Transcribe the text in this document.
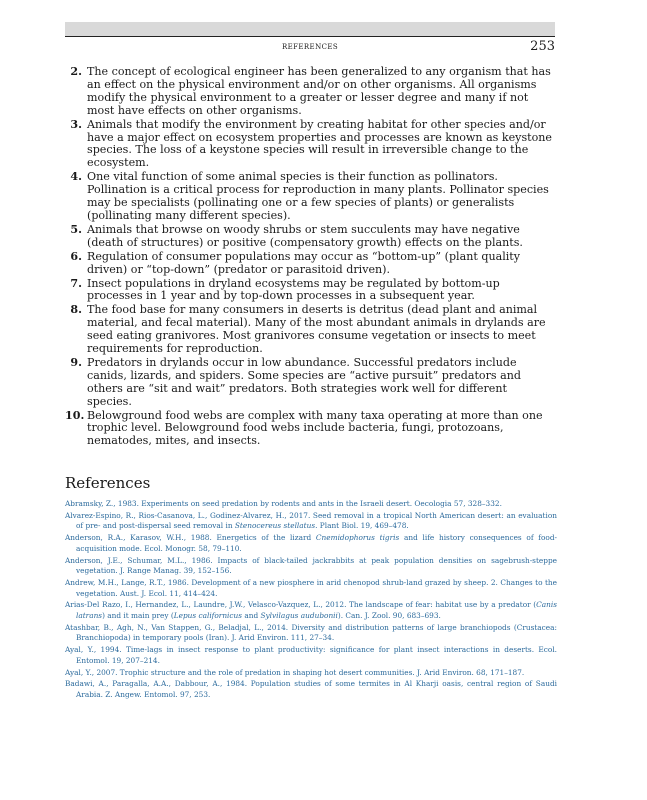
REFERENCES	253
2. The concept of ecological engineer has been generalized to any organism that has an effect on the physical environment and/or on other organisms. All organisms modify the physical environment to a greater or lesser degree and many if not most have effects on other organisms.
3. Animals that modify the environment by creating habitat for other species and/or have a major effect on ecosystem properties and processes are known as keystone species. The loss of a keystone species will result in irreversible change to the ecosystem.
4. One vital function of some animal species is their function as pollinators. Pollination is a critical process for reproduction in many plants. Pollinator species may be specialists (pollinating one or a few species of plants) or generalists (pollinating many different species).
5. Animals that browse on woody shrubs or stem succulents may have negative (death of structures) or positive (compensatory growth) effects on the plants.
6. Regulation of consumer populations may occur as “bottom-up” (plant quality driven) or “top-down” (predator or parasitoid driven).
7. Insect populations in dryland ecosystems may be regulated by bottom-up processes in 1 year and by top-down processes in a subsequent year.
8. The food base for many consumers in deserts is detritus (dead plant and animal material, and fecal material). Many of the most abundant animals in drylands are seed eating granivores. Most granivores consume vegetation or insects to meet requirements for reproduction.
9. Predators in drylands occur in low abundance. Successful predators include canids, lizards, and spiders. Some species are “active pursuit” predators and others are “sit and wait” predators. Both strategies work well for different species.
10. Belowground food webs are complex with many taxa operating at more than one trophic level. Belowground food webs include bacteria, fungi, protozoans, nematodes, mites, and insects.
References
Abramsky, Z., 1983. Experiments on seed predation by rodents and ants in the Israeli desert. Oecologia 57, 328–332.
Alvarez-Espino, R., Rios-Casanova, L., Godinez-Alvarez, H., 2017. Seed removal in a tropical North American desert: an evaluation of pre- and post-dispersal seed removal in Stenocereus stellatus. Plant Biol. 19, 469–478.
Anderson, R.A., Karasov, W.H., 1988. Energetics of the lizard Cnemidophorus tigris and life history consequences of food-acquisition mode. Ecol. Monogr. 58, 79–110.
Anderson, J.E., Schumar, M.L., 1986. Impacts of black-tailed jackrabbits at peak population densities on sagebrush-steppe vegetation. J. Range Manag. 39, 152–156.
Andrew, M.H., Lange, R.T., 1986. Development of a new piosphere in arid chenopod shrub-land grazed by sheep. 2. Changes to the vegetation. Aust. J. Ecol. 11, 414–424.
Arias-Del Razo, I., Hernandez, L., Laundre, J.W., Velasco-Vazquez, L., 2012. The landscape of fear: habitat use by a predator (Canis latrans) and it main prey (Lepus californicus and Sylvilagus audubonii). Can. J. Zool. 90, 683–693.
Atashbar, B., Agh, N., Van Stappen, G., Beladjal, L., 2014. Diversity and distribution patterns of large branchiopods (Crustacea: Branchiopoda) in temporary pools (Iran). J. Arid Environ. 111, 27–34.
Ayal, Y., 1994. Time-lags in insect response to plant productivity: significance for plant insect interactions in deserts. Ecol. Entomol. 19, 207–214.
Ayal, Y., 2007. Trophic structure and the role of predation in shaping hot desert communities. J. Arid Environ. 68, 171–187.
Badawi, A., Paragalla, A.A., Dabbour, A., 1984. Population studies of some termites in Al Kharji oasis, central region of Saudi Arabia. Z. Angew. Entomol. 97, 253.
